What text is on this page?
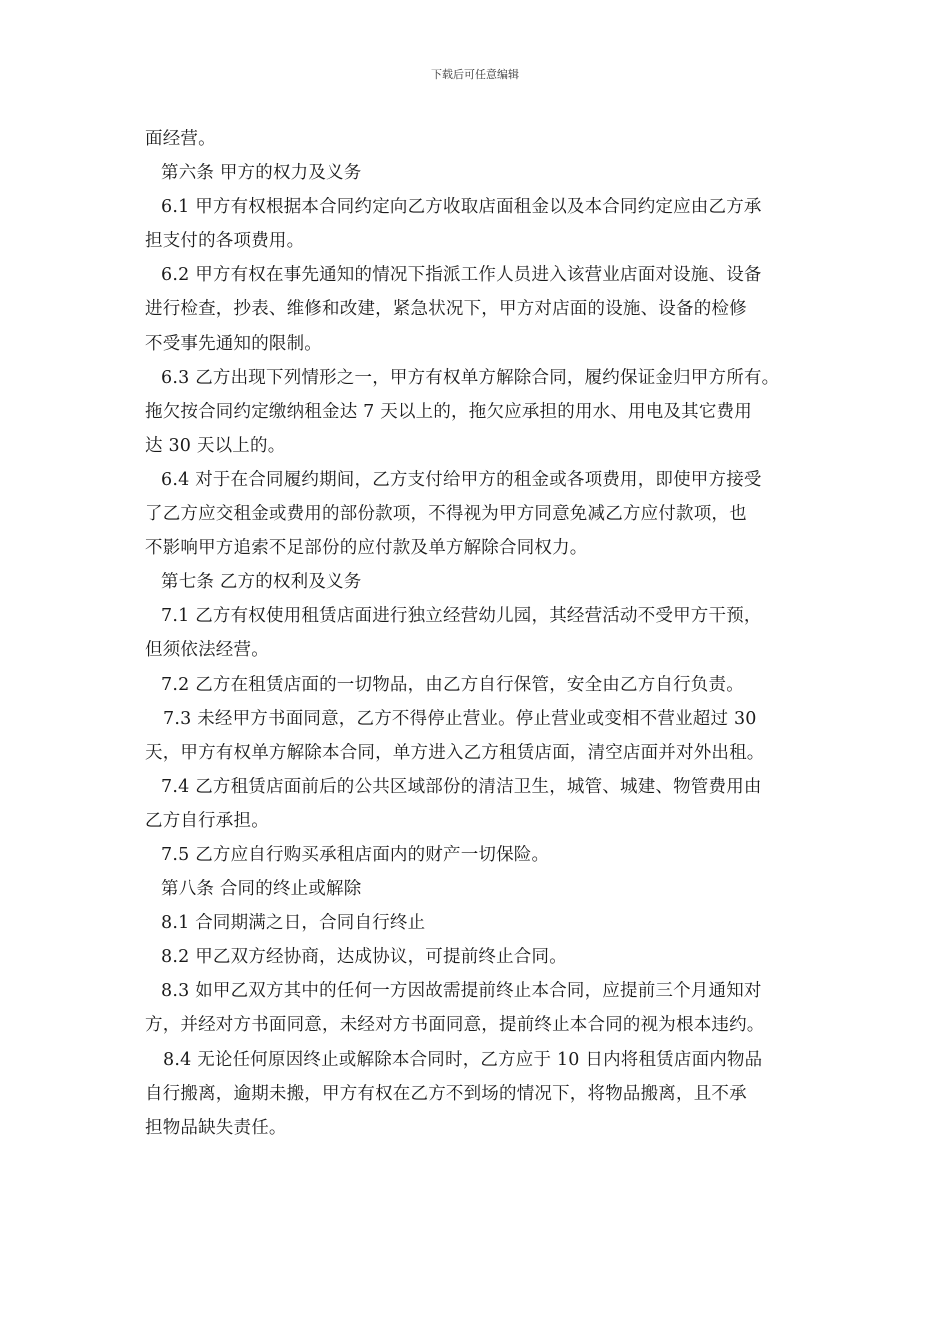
下载后可任意编辑
面经营。
第六条 甲方的权力及义务
6.1 甲方有权根据本合同约定向乙方收取店面租金以及本合同约定应由乙方承
担支付的各项费用。
6.2 甲方有权在事先通知的情况下指派工作人员进入该营业店面对设施、设备
进行检查，抄表、维修和改建，紧急状况下，甲方对店面的设施、设备的检修
不受事先通知的限制。
6.3 乙方出现下列情形之一，甲方有权单方解除合同，履约保证金归甲方所有。
拖欠按合同约定缴纳租金达 7 天以上的，拖欠应承担的用水、用电及其它费用
达 30 天以上的。
6.4 对于在合同履约期间，乙方支付给甲方的租金或各项费用，即使甲方接受
了乙方应交租金或费用的部份款项，不得视为甲方同意免减乙方应付款项，也
不影响甲方追索不足部份的应付款及单方解除合同权力。
第七条 乙方的权利及义务
7.1 乙方有权使用租赁店面进行独立经营幼儿园，其经营活动不受甲方干预，
但须依法经营。
7.2 乙方在租赁店面的一切物品，由乙方自行保管，安全由乙方自行负责。
7.3 未经甲方书面同意，乙方不得停止营业。停止营业或变相不营业超过 30
天，甲方有权单方解除本合同，单方进入乙方租赁店面，清空店面并对外出租。
7.4 乙方租赁店面前后的公共区域部份的清洁卫生，城管、城建、物管费用由
乙方自行承担。
7.5 乙方应自行购买承租店面内的财产一切保险。
第八条 合同的终止或解除
8.1 合同期满之日，合同自行终止
8.2 甲乙双方经协商，达成协议，可提前终止合同。
8.3 如甲乙双方其中的任何一方因故需提前终止本合同，应提前三个月通知对
方，并经对方书面同意，未经对方书面同意，提前终止本合同的视为根本违约。
8.4 无论任何原因终止或解除本合同时，乙方应于 10 日内将租赁店面内物品
自行搬离，逾期未搬，甲方有权在乙方不到场的情况下，将物品搬离，且不承
担物品缺失责任。
